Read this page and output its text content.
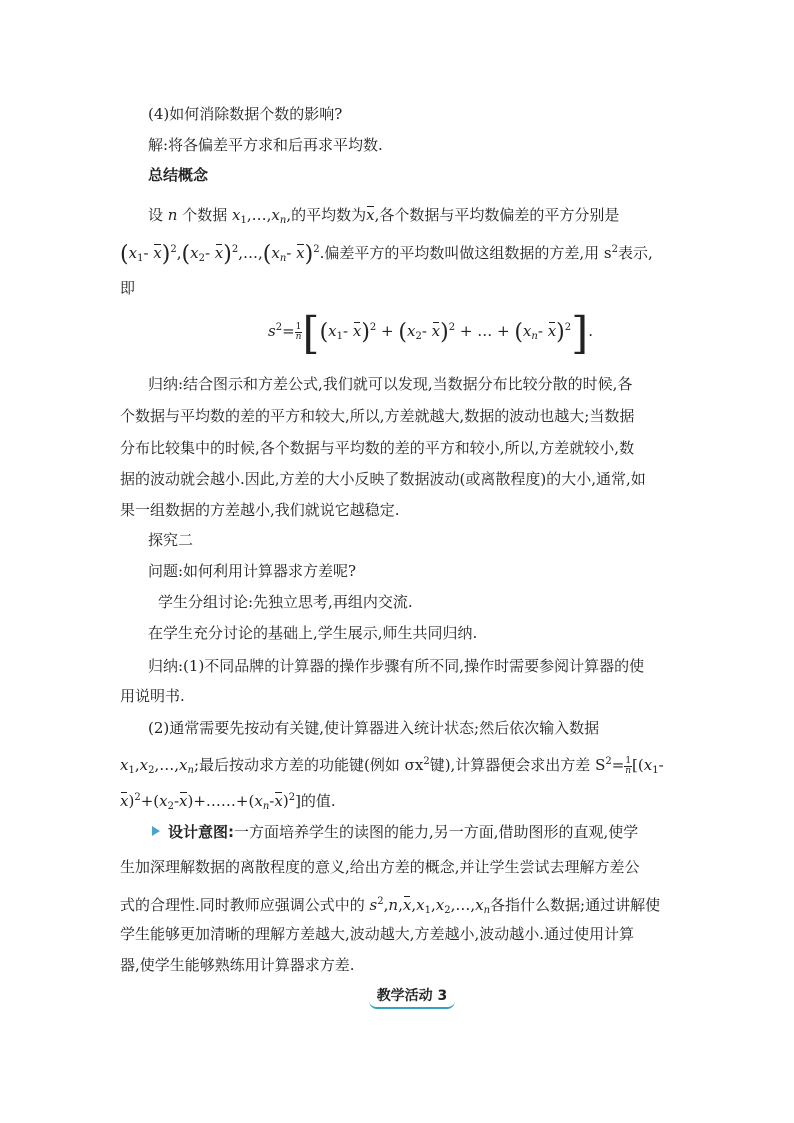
(4)如何消除数据个数的影响?
解:将各偏差平方求和后再求平均数.
总结概念
设 n 个数据 $x_1,\dots,x_n$,的平均数为x,各个数据与平均数偏差的平方分别是
($x_1-$ $x)^2,(x_2-$ $x)^2,\dots,(x_n-$ x)$^2$.偏差平方的平均数叫做这组数据的方差,用 $s^2$表示,
即
$s^2= \frac{1}{n} [(x_1-$ $x)^2 + (x_2-$ x)$^2$ + … + ($x_n-$ x)$^2$].
归纳:结合图示和方差公式,我们就可以发现,当数据分布比较分散的时候,各
个数据与平均数的差的平方和较大,所以,方差就越大,数据的波动也越大;当数据
分布比较集中的时候,各个数据与平均数的差的平方和较小,所以,方差就较小,数
据的波动就会越小.因此,方差的大小反映了数据波动(或离散程度)的大小,通常,如
果一组数据的方差越小,我们就说它越稳定.
探究二
问题:如何利用计算器求方差呢?
学生分组讨论:先独立思考,再组内交流.
在学生充分讨论的基础上,学生展示,师生共同归纳.
归纳:(1)不同品牌的计算器的操作步骤有所不同,操作时需要参阅计算器的使
用说明书.
(2)通常需要先按动有关键,使计算器进入统计状态;然后依次输入数据
$x_1,x_2,\dots,x_n$;最后按动求方差的功能键(例如 $\sigma x^2$键),计算器便会求出方差 $S^2= \frac{1}{n} [(x_1-$
$x)^2+(x_2-x)+\dots\dots+(x_n-x)^2$]的值.
设计意图:一方面培养学生的读图的能力,另一方面,借助图形的直观,使学
生加深理解数据的离散程度的意义,给出方差的概念,并让学生尝试去理解方差公
式的合理性.同时教师应强调公式中的 $s^2,n,x,x_1,x_2,\dots,x_n$各指什么数据;通过讲解使
学生能够更加清晰的理解方差越大,波动越大,方差越小,波动越小.通过使用计算
器,使学生能够熟练用计算器求方差.
教学活动 3
